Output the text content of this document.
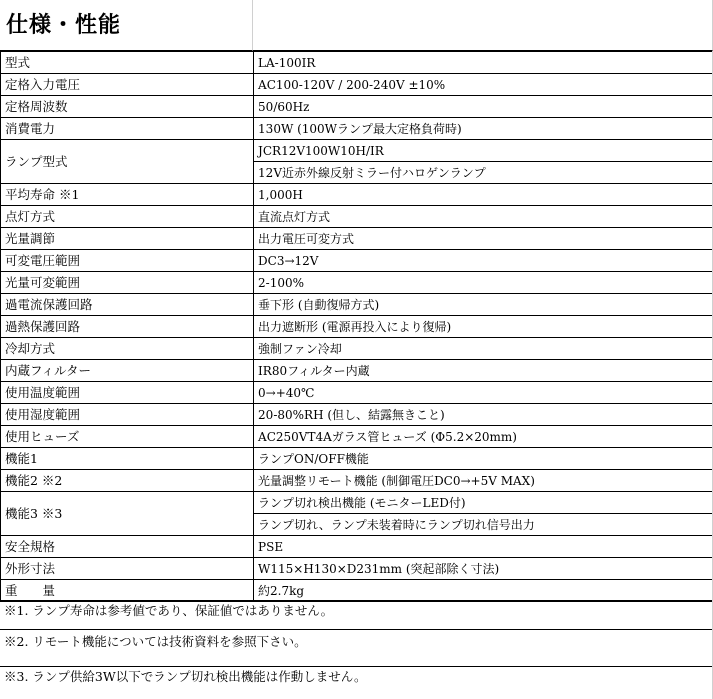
仕様・性能
型式	LA-100IR
定格入力電圧	AC100-120V / 200-240V ±10%
定格周波数	50/60Hz
消費電力	130W (100Wランプ最大定格負荷時)
ランプ型式	JCR12V100W10H/IR
	12V近赤外線反射ミラー付ハロゲンランプ
平均寿命 ※1	1,000H
点灯方式	直流点灯方式
光量調節	出力電圧可変方式
可変電圧範囲	DC3→12V
光量可変範囲	2-100%
過電流保護回路	垂下形 (自動復帰方式)
過熱保護回路	出力遮断形 (電源再投入により復帰)
冷却方式	強制ファン冷却
内蔵フィルター	IR80フィルター内蔵
使用温度範囲	0→+40℃
使用湿度範囲	20-80%RH (但し、結露無きこと)
使用ヒューズ	AC250VT4Aガラス管ヒューズ (Φ5.2×20mm)
機能1	ランプON/OFF機能
機能2 ※2	光量調整リモート機能 (制御電圧DC0→+5V MAX)
機能3 ※3	ランプ切れ検出機能 (モニターLED付)
	ランプ切れ、ランプ未装着時にランプ切れ信号出力
安全規格	PSE
外形寸法	W115×H130×D231mm (突起部除く寸法)
重　　量	約2.7kg
※1. ランプ寿命は参考値であり、保証値ではありません。
※2. リモート機能については技術資料を参照下さい。
※3. ランプ供給3W以下でランプ切れ検出機能は作動しません。
